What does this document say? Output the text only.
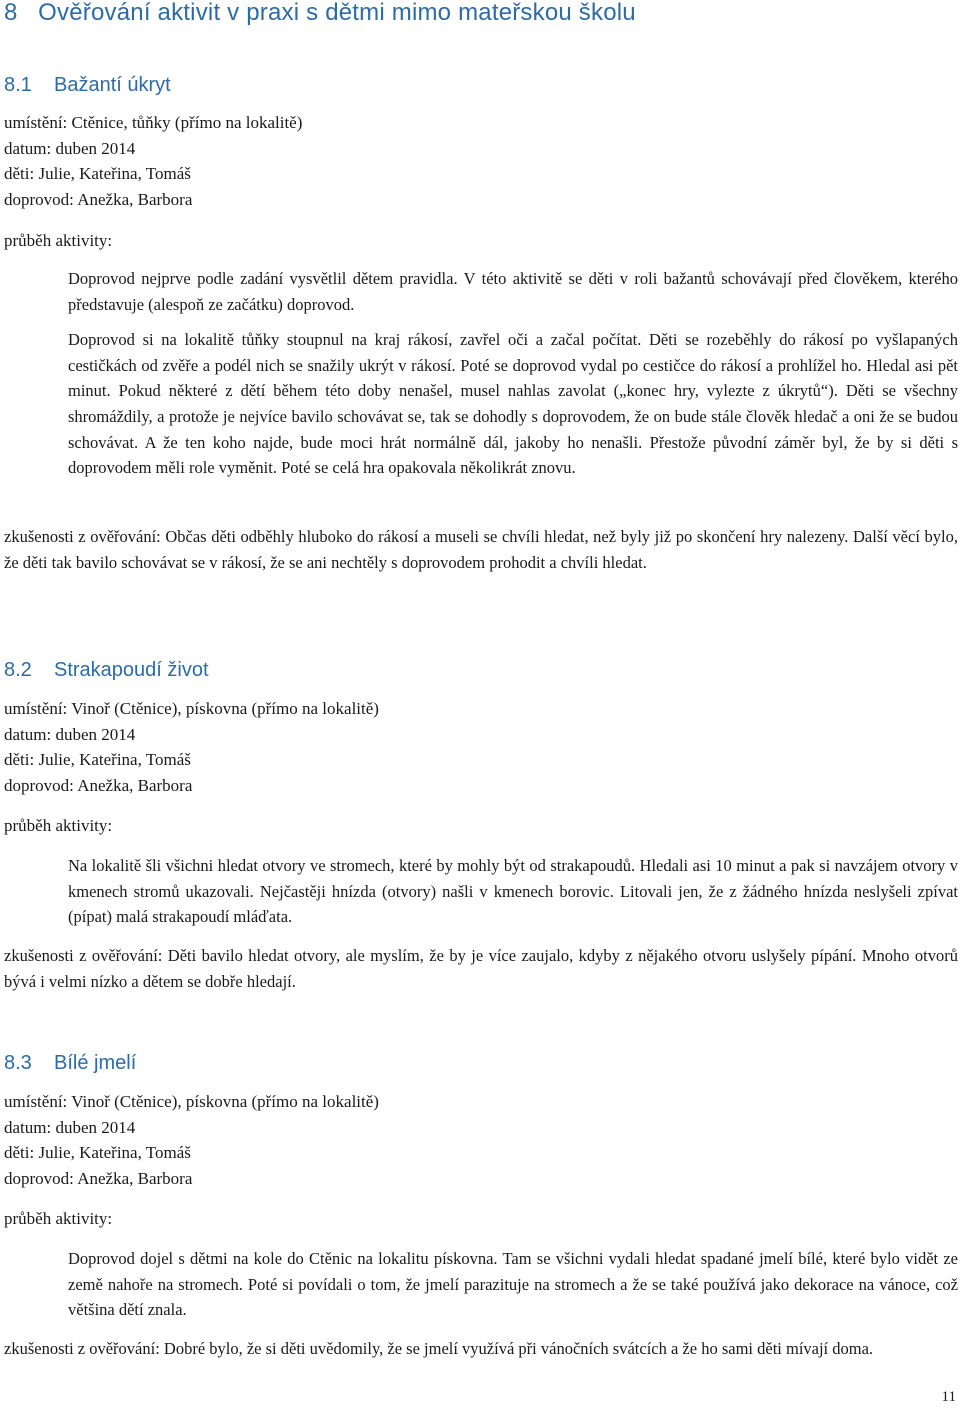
8 Ověřování aktivit v praxi s dětmi mimo mateřskou školu
8.1 Bažantí úkryt
umístění: Ctěnice, tůňky (přímo na lokalitě)
datum: duben 2014
děti: Julie, Kateřina, Tomáš
doprovod: Anežka, Barbora
průběh aktivity:

Doprovod nejprve podle zadání vysvětlil dětem pravidla. V této aktivitě se děti v roli bažantů schovávají před člověkem, kterého představuje (alespoň ze začátku) doprovod.

Doprovod si na lokalitě tůňky stoupnul na kraj rákosí, zavřel oči a začal počítat. Děti se rozeběhly do rákosí po vyšlapaných cestičkách od zvěře a podél nich se snažily ukrýt v rákosí. Poté se doprovod vydal po cestičce do rákosí a prohlížel ho. Hledal asi pět minut. Pokud některé z dětí během této doby nenašel, musel nahlas zavolat („konec hry, vylezte z úkrytů“). Děti se všechny shromáždily, a protože je nejvíce bavilo schovávat se, tak se dohodly s doprovodem, že on bude stále člověk hledač a oni že se budou schovávat. A že ten koho najde, bude moci hrát normálně dál, jakoby ho nenašli. Přestože původní záměr byl, že by si děti s doprovodem měli role vyměnit. Poté se celá hra opakovala několikrát znovu.

zkušenosti z ověřování: Občas děti odběhly hluboko do rákosí a museli se chvíli hledat, než byly již po skončení hry nalezeny. Další věcí bylo, že děti tak bavilo schovávat se v rákosí, že se ani nechtěly s doprovodem prohodit a chvíli hledat.
8.2 Strakapoudí život
umístění: Vinoř (Ctěnice), pískovna (přímo na lokalitě)
datum: duben 2014
děti: Julie, Kateřina, Tomáš
doprovod: Anežka, Barbora
průběh aktivity:

Na lokalitě šli všichni hledat otvory ve stromech, které by mohly být od strakapoudů. Hledali asi 10 minut a pak si navzájem otvory v kmenech stromů ukazovali. Nejčastěji hnízda (otvory) našli v kmenech borovic. Litovali jen, že z žádného hnízda neslyšeli zpívat (pípat) malá strakapoudí mláďata.

zkušenosti z ověřování: Děti bavilo hledat otvory, ale myslím, že by je více zaujalo, kdyby z nějakého otvoru uslyšely pípání. Mnoho otvorů bývá i velmi nízko a dětem se dobře hledají.
8.3 Bílé jmelí
umístění: Vinoř (Ctěnice), pískovna (přímo na lokalitě)
datum: duben 2014
děti: Julie, Kateřina, Tomáš
doprovod: Anežka, Barbora
průběh aktivity:

Doprovod dojel s dětmi na kole do Ctěnic na lokalitu pískovna. Tam se všichni vydali hledat spadané jmelí bílé, které bylo vidět ze země nahoře na stromech. Poté si povídali o tom, že jmelí parazituje na stromech a že se také používá jako dekorace na vánoce, což většina dětí znala.

zkušenosti z ověřování: Dobré bylo, že si děti uvědomily, že se jmelí využívá při vánočních svátcích a že ho sami děti mívají doma.
11
